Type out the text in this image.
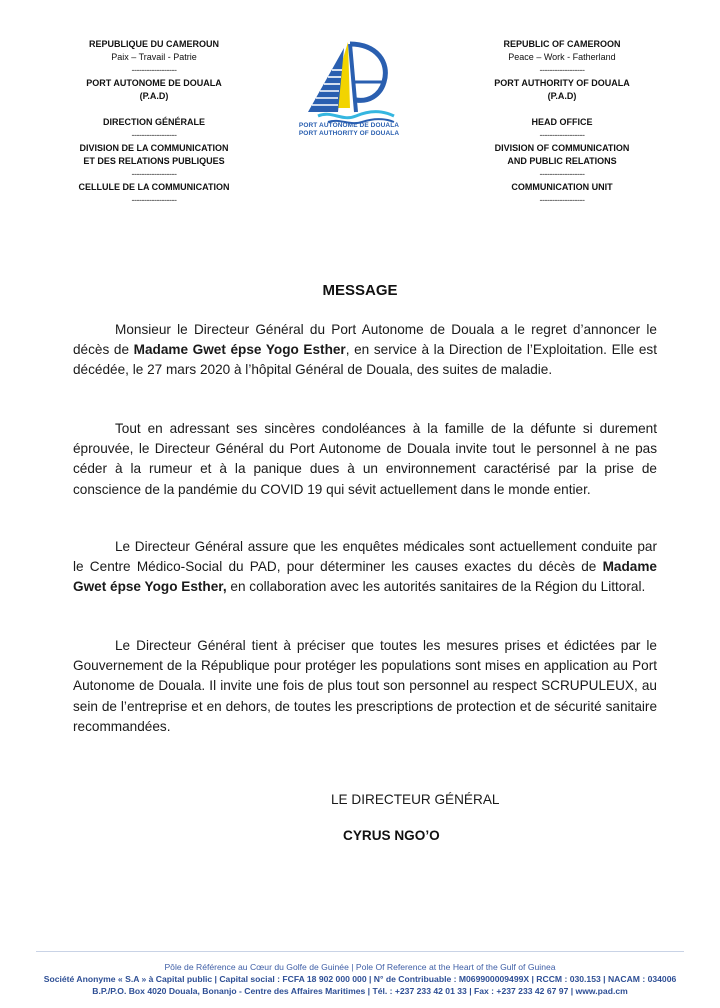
REPUBLIQUE DU CAMEROUN
Paix – Travail - Patrie
------------------
PORT AUTONOME DE DOUALA
(P.A.D)
DIRECTION GÉNÉRALE
------------------
DIVISION DE LA COMMUNICATION
ET DES RELATIONS PUBLIQUES
------------------
CELLULE DE LA COMMUNICATION
------------------
PORT AUTONOME DE DOUALA
PORT AUTHORITY OF DOUALA
REPUBLIC OF CAMEROON
Peace – Work - Fatherland
------------------
PORT AUTHORITY OF DOUALA
(P.A.D)
HEAD OFFICE
------------------
DIVISION OF COMMUNICATION
AND PUBLIC RELATIONS
------------------
COMMUNICATION UNIT
------------------
MESSAGE
Monsieur le Directeur Général du Port Autonome de Douala a le regret d’annoncer le décès de Madame Gwet épse Yogo Esther, en service à la Direction de l’Exploitation. Elle est décédée, le 27 mars 2020 à l’hôpital Général de Douala, des suites de maladie.
Tout en adressant ses sincères condoléances à la famille de la défunte si durement éprouvée, le Directeur Général du Port Autonome de Douala invite tout le personnel à ne pas céder à la rumeur et à la panique dues à un environnement caractérisé par la prise de conscience de la pandémie du COVID 19 qui sévit actuellement dans le monde entier.
Le Directeur Général assure que les enquêtes médicales sont actuellement conduite par le Centre Médico-Social du PAD, pour déterminer les causes exactes du décès de Madame Gwet épse Yogo Esther, en collaboration avec les autorités sanitaires de la Région du Littoral.
Le Directeur Général tient à préciser que toutes les mesures prises et édictées par le Gouvernement de la République pour protéger les populations sont mises en application au Port Autonome de Douala. Il invite une fois de plus tout son personnel au respect SCRUPULEUX, au sein de l’entreprise et en dehors, de toutes les prescriptions de protection et de sécurité sanitaire recommandées.
LE DIRECTEUR GÉNÉRAL
CYRUS NGO’O
Pôle de Référence au Cœur du Golfe de Guinée | Pole Of Reference at the Heart of the Gulf of Guinea
Société Anonyme « S.A » à Capital public | Capital social : FCFA 18 902 000 000 | N° de Contribuable : M069900009499X | RCCM : 030.153 | NACAM : 034006
B.P./P.O. Box 4020 Douala, Bonanjo - Centre des Affaires Maritimes | Tél. : +237 233 42 01 33 | Fax : +237 233 42 67 97 | www.pad.cm
